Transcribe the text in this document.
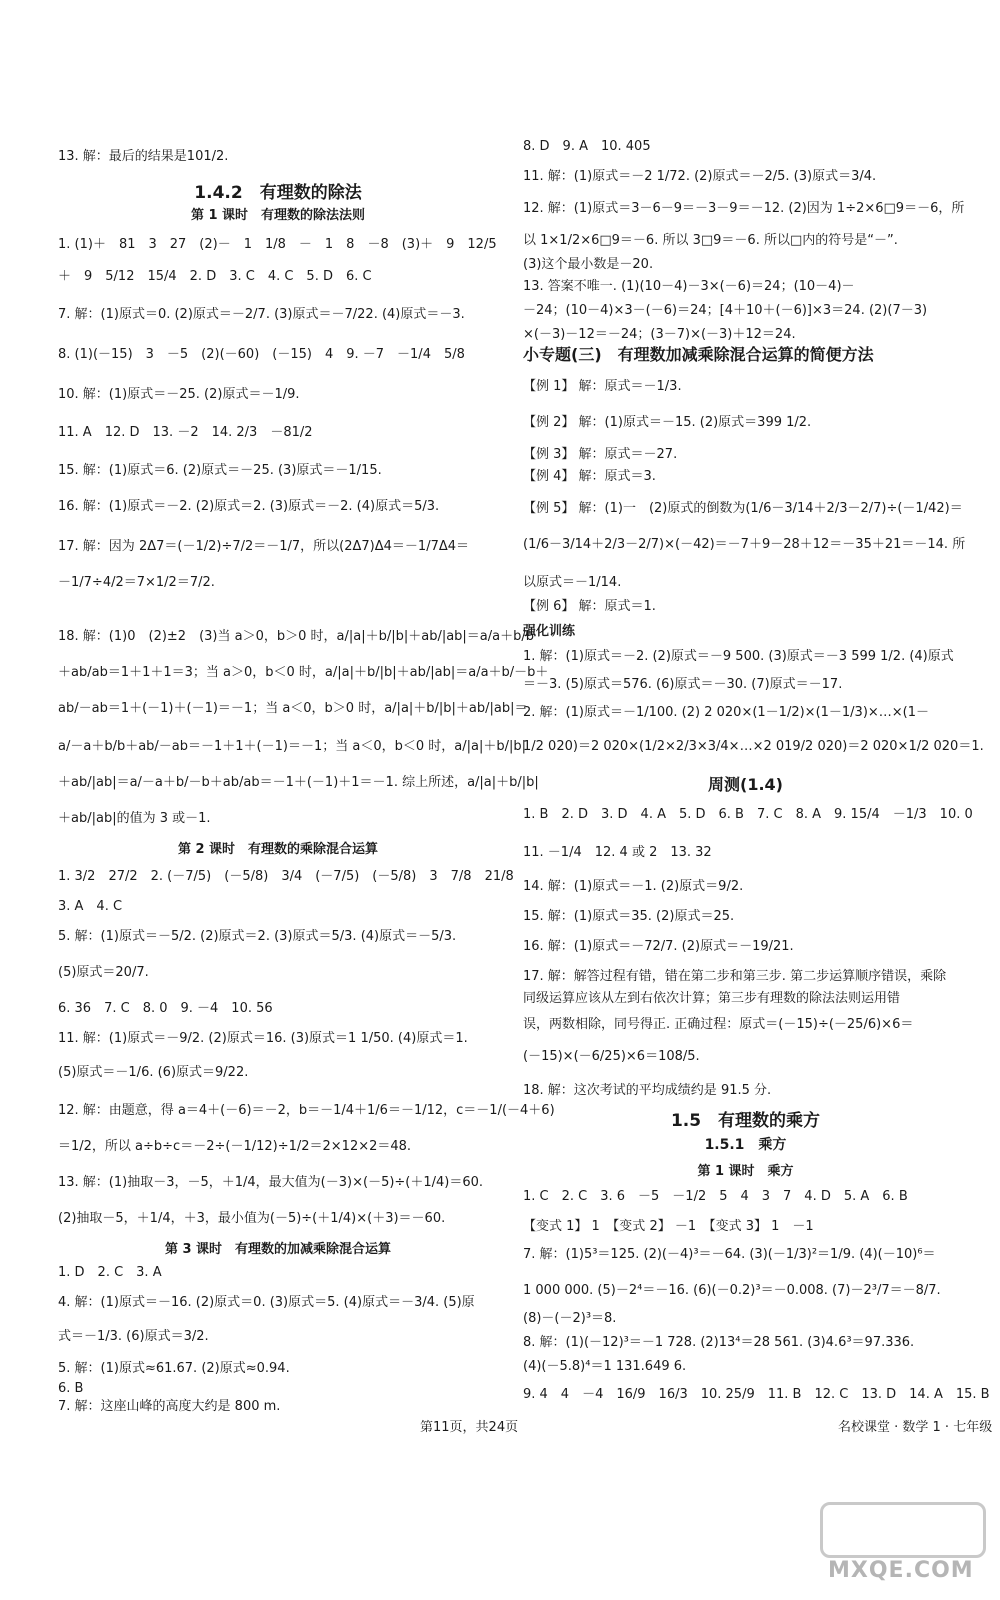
13. 解：最后的结果是101/2.
1.4.2　有理数的除法
第 1 课时　有理数的除法法则
1. (1)＋　81　3　27　(2)－　1　1/8　－　1　8　－8　(3)＋　9　12/5
＋　9　5/12　15/4　2. D　3. C　4. C　5. D　6. C
7. 解：(1)原式＝0. (2)原式＝－2/7. (3)原式＝－7/22. (4)原式＝－3.
8. (1)(－15)　3　－5　(2)(－60)　(－15)　4　9. －7　－1/4　5/8
10. 解：(1)原式＝－25. (2)原式＝－1/9.
11. A　12. D　13. －2　14. 2/3　－81/2
15. 解：(1)原式＝6. (2)原式＝－25. (3)原式＝－1/15.
16. 解：(1)原式＝－2. (2)原式＝2. (3)原式＝－2. (4)原式＝5/3.
17. 解：因为 2Δ7＝(－1/2)÷7/2＝－1/7，所以(2Δ7)Δ4＝－1/7Δ4＝
－1/7÷4/2＝7×1/2＝7/2.
18. 解：(1)0　(2)±2　(3)当 a＞0，b＞0 时，a/|a|＋b/|b|＋ab/|ab|＝a/a＋b/b
＋ab/ab＝1＋1＋1＝3；当 a＞0，b＜0 时，a/|a|＋b/|b|＋ab/|ab|＝a/a＋b/－b＋
ab/－ab＝1＋(－1)＋(－1)＝－1；当 a＜0，b＞0 时，a/|a|＋b/|b|＋ab/|ab|＝
a/－a＋b/b＋ab/－ab＝－1＋1＋(－1)＝－1；当 a＜0，b＜0 时，a/|a|＋b/|b|
＋ab/|ab|＝a/－a＋b/－b＋ab/ab＝－1＋(－1)＋1＝－1. 综上所述，a/|a|＋b/|b|
＋ab/|ab|的值为 3 或－1.
第 2 课时　有理数的乘除混合运算
1. 3/2　27/2　2. (－7/5)　(－5/8)　3/4　(－7/5)　(－5/8)　3　7/8　21/8
3. A　4. C
5. 解：(1)原式＝－5/2. (2)原式＝2. (3)原式＝5/3. (4)原式＝－5/3.
(5)原式＝20/7.
6. 36　7. C　8. 0　9. －4　10. 56
11. 解：(1)原式＝－9/2. (2)原式＝16. (3)原式＝1 1/50. (4)原式＝1.
(5)原式＝－1/6. (6)原式＝9/22.
12. 解：由题意，得 a＝4＋(－6)＝－2，b＝－1/4＋1/6＝－1/12，c＝－1/(－4＋6)
＝1/2，所以 a÷b÷c＝－2÷(－1/12)÷1/2＝2×12×2＝48.
13. 解：(1)抽取－3，－5，＋1/4，最大值为(－3)×(－5)÷(＋1/4)＝60.
(2)抽取－5，＋1/4，＋3，最小值为(－5)÷(＋1/4)×(＋3)＝－60.
第 3 课时　有理数的加减乘除混合运算
1. D　2. C　3. A
4. 解：(1)原式＝－16. (2)原式＝0. (3)原式＝5. (4)原式＝－3/4. (5)原
式＝－1/3. (6)原式＝3/2.
5. 解：(1)原式≈61.67. (2)原式≈0.94.
6. B
7. 解：这座山峰的高度大约是 800 m.
8. D　9. A　10. 405
11. 解：(1)原式＝－2 1/72. (2)原式＝－2/5. (3)原式＝3/4.
12. 解：(1)原式＝3－6－9＝－3－9＝－12. (2)因为 1÷2×6□9＝－6，所
以 1×1/2×6□9＝－6. 所以 3□9＝－6. 所以□内的符号是“－”.
(3)这个最小数是－20.
13. 答案不唯一. (1)(10－4)－3×(－6)＝24；(10－4)－
－24；(10－4)×3－(－6)＝24；[4＋10＋(－6)]×3＝24. (2)(7－3)
×(－3)－12＝－24；(3－7)×(－3)＋12＝24.
小专题(三)　有理数加减乘除混合运算的简便方法
【例 1】 解：原式＝－1/3.
【例 2】 解：(1)原式＝－15. (2)原式＝399 1/2.
【例 3】 解：原式＝－27.
【例 4】 解：原式＝3.
【例 5】 解：(1)一　(2)原式的倒数为(1/6－3/14＋2/3－2/7)÷(－1/42)＝
(1/6－3/14＋2/3－2/7)×(－42)＝－7＋9－28＋12＝－35＋21＝－14. 所
以原式＝－1/14.
【例 6】 解：原式＝1.
强化训练
1. 解：(1)原式＝－2. (2)原式＝－9 500. (3)原式＝－3 599 1/2. (4)原式
＝－3. (5)原式＝576. (6)原式＝－30. (7)原式＝－17.
2. 解：(1)原式＝－1/100. (2) 2 020×(1－1/2)×(1－1/3)×…×(1－
1/2 020)＝2 020×(1/2×2/3×3/4×…×2 019/2 020)＝2 020×1/2 020＝1.
周测(1.4)
1. B　2. D　3. D　4. A　5. D　6. B　7. C　8. A　9. 15/4　－1/3　10. 0
11. －1/4　12. 4 或 2　13. 32
14. 解：(1)原式＝－1. (2)原式＝9/2.
15. 解：(1)原式＝35. (2)原式＝25.
16. 解：(1)原式＝－72/7. (2)原式＝－19/21.
17. 解：解答过程有错，错在第二步和第三步. 第二步运算顺序错误，乘除
同级运算应该从左到右依次计算；第三步有理数的除法法则运用错
误，两数相除，同号得正. 正确过程：原式＝(－15)÷(－25/6)×6＝
(－15)×(－6/25)×6＝108/5.
18. 解：这次考试的平均成绩约是 91.5 分.
1.5　有理数的乘方
1.5.1　乘方
第 1 课时　乘方
1. C　2. C　3. 6　－5　－1/2　5　4　3　7　4. D　5. A　6. B
【变式 1】 1　【变式 2】 －1　【变式 3】 1　－1
7. 解：(1)5³＝125. (2)(－4)³＝－64. (3)(－1/3)²＝1/9. (4)(－10)⁶＝
1 000 000. (5)－2⁴＝－16. (6)(－0.2)³＝－0.008. (7)－2³/7＝－8/7.
(8)－(－2)³＝8.
8. 解：(1)(－12)³＝－1 728. (2)13⁴＝28 561. (3)4.6³＝97.336.
(4)(－5.8)⁴＝1 131.649 6.
9. 4　4　－4　16/9　16/3　10. 25/9　11. B　12. C　13. D　14. A　15. B
第11页，共24页	名校课堂 · 数学 1 · 七年级
MXQE.COM
